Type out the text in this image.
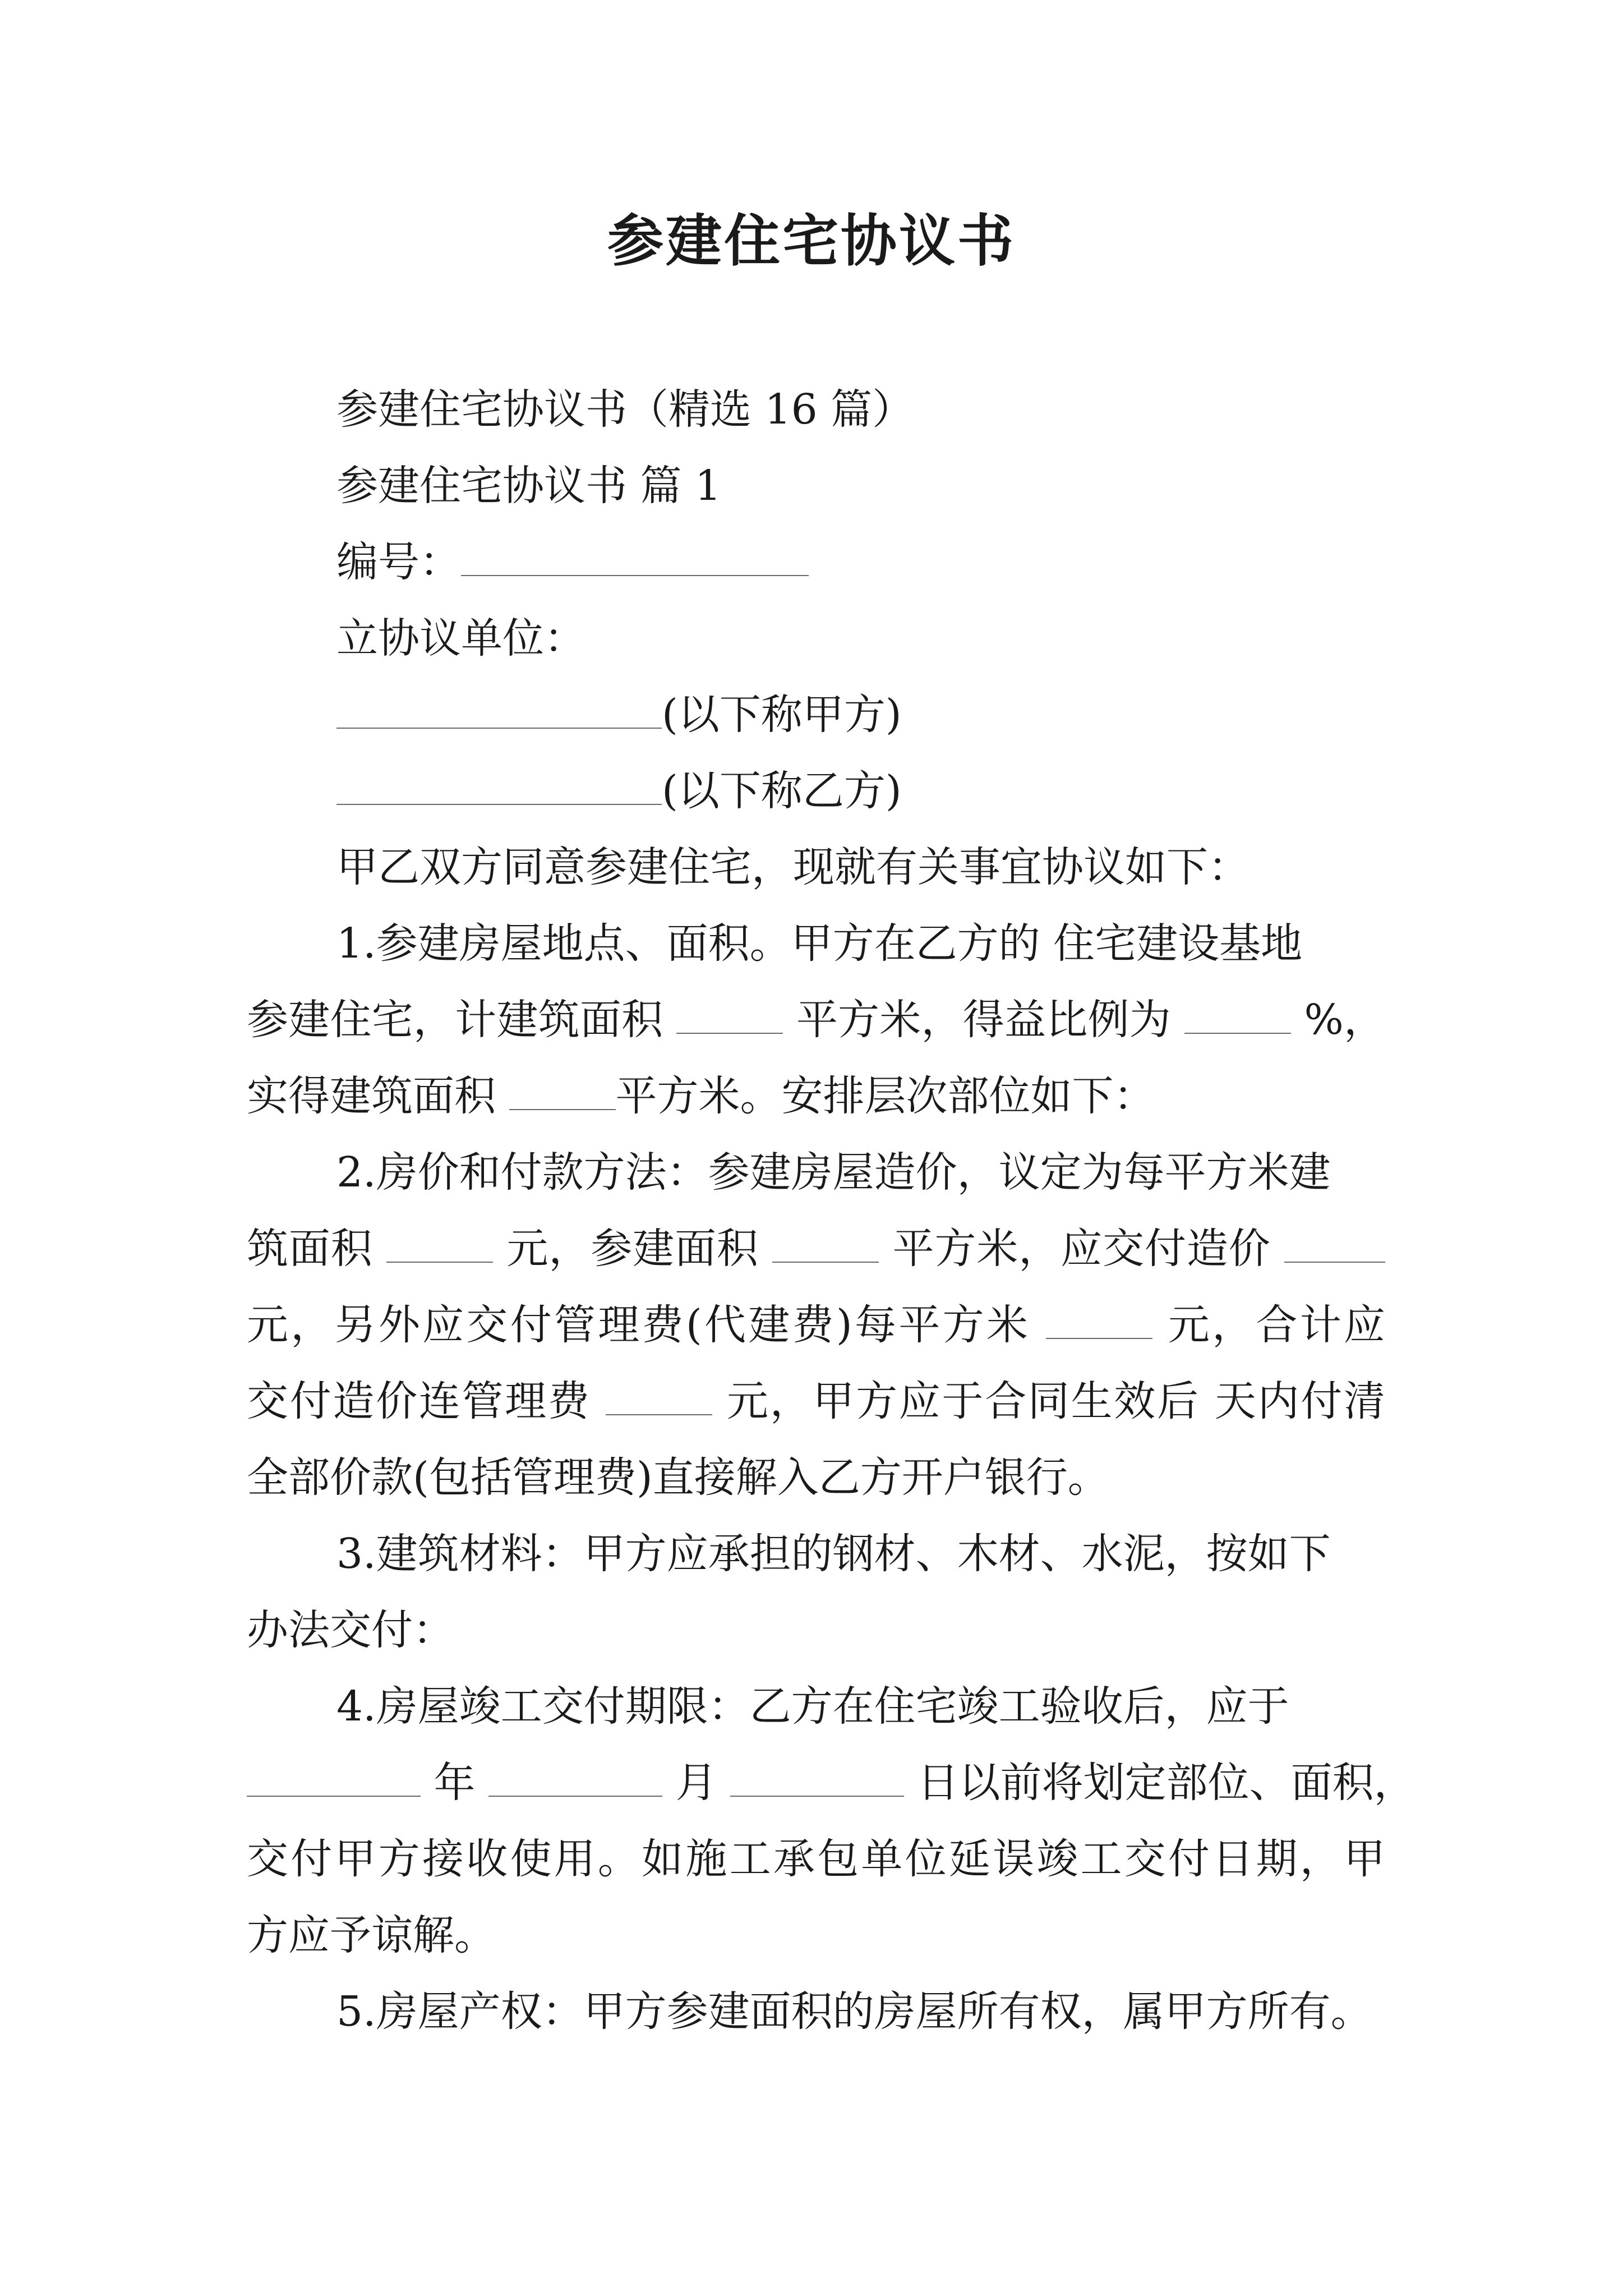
参建住宅协议书
参建住宅协议书（精选 16 篇）
参建住宅协议书 篇 1
编号：
立协议单位：
(以下称甲方)
(以下称乙方)
甲乙双方同意参建住宅，现就有关事宜协议如下：
1.参建房屋地点、面积。甲方在乙方的 住宅建设基地
参建住宅，计建筑面积	平方米，得益比例为	%，
实得建筑面积	平方米。安排层次部位如下：
2.房价和付款方法：参建房屋造价，议定为每平方米建
筑面积	元，参建面积	平方米，应交付造价
元，另外应交付管理费(代建费)每平方米	元，合计应
交付造价连管理费	元，甲方应于合同生效后 天内付清
全部价款(包括管理费)直接解入乙方开户银行。
3.建筑材料：甲方应承担的钢材、木材、水泥，按如下
办法交付：
4.房屋竣工交付期限：乙方在住宅竣工验收后，应于
年	月	日以前将划定部位、面积，
交付甲方接收使用。如施工承包单位延误竣工交付日期，甲
方应予谅解。
5.房屋产权：甲方参建面积的房屋所有权，属甲方所有。
